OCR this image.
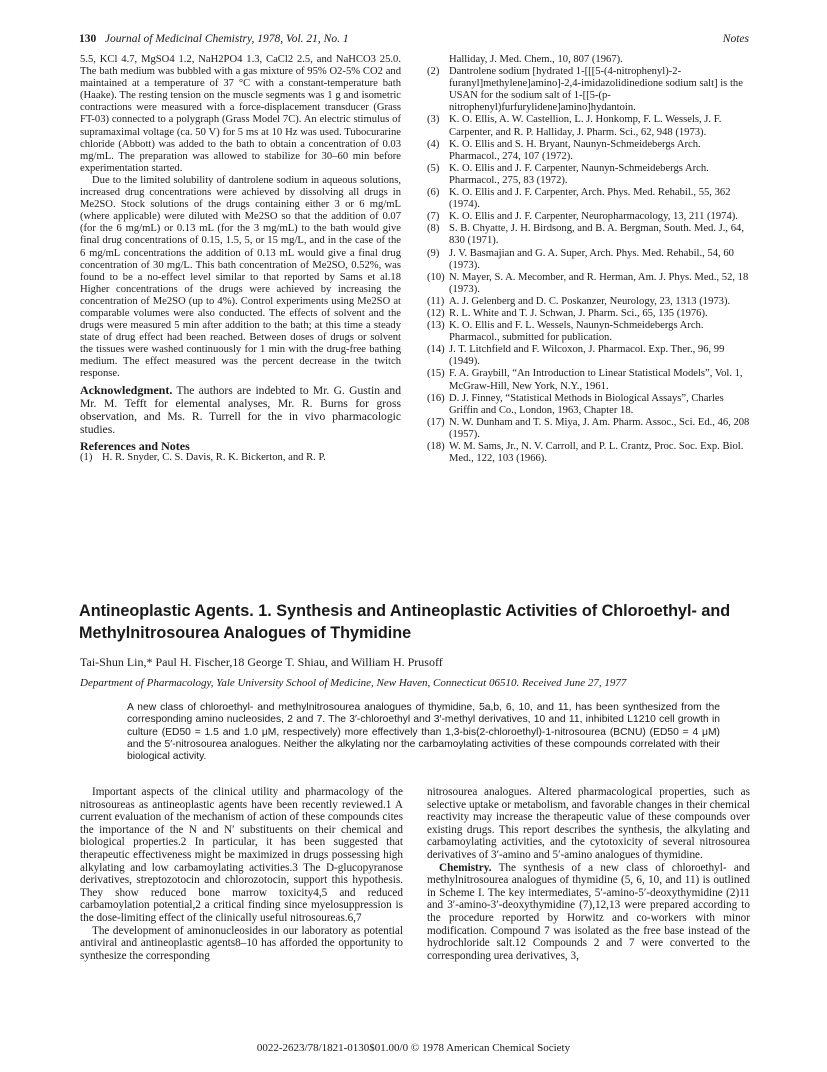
130 Journal of Medicinal Chemistry, 1978, Vol. 21, No. 1	Notes

5.5, KCl 4.7, MgSO4 1.2, NaH2PO4 1.3, CaCl2 2.5, and NaHCO3 25.0. The bath medium was bubbled with a gas mixture of 95% O2-5% CO2 and maintained at a temperature of 37 °C with a constant-temperature bath (Haake). The resting tension on the muscle segments was 1 g and isometric contractions were measured with a force-displacement transducer (Grass FT-03) connected to a polygraph (Grass Model 7C). An electric stimulus of supramaximal voltage (ca. 50 V) for 5 ms at 10 Hz was used. Tubocurarine chloride (Abbott) was added to the bath to obtain a concentration of 0.03 mg/mL. The preparation was allowed to stabilize for 30–60 min before experimentation started.

Due to the limited solubility of dantrolene sodium in aqueous solutions, increased drug concentrations were achieved by dissolving all drugs in Me2SO. Stock solutions of the drugs containing either 3 or 6 mg/mL (where applicable) were diluted with Me2SO so that the addition of 0.07 (for the 6 mg/mL) or 0.13 mL (for the 3 mg/mL) to the bath would give final drug concentrations of 0.15, 1.5, 5, or 15 mg/L, and in the case of the 6 mg/mL concentrations the addition of 0.13 mL would give a final drug concentration of 30 mg/L. This bath concentration of Me2SO, 0.52%, was found to be a no-effect level similar to that reported by Sams et al.18 Higher concentrations of the drugs were achieved by increasing the concentration of Me2SO (up to 4%). Control experiments using Me2SO at comparable volumes were also conducted. The effects of solvent and the drugs were measured 5 min after addition to the bath; at this time a steady state of drug effect had been reached. Between doses of drugs or solvent the tissues were washed continuously for 1 min with the drug-free bathing medium. The effect measured was the percent decrease in the twitch response.

Acknowledgment. The authors are indebted to Mr. G. Gustin and Mr. M. Tefft for elemental analyses, Mr. R. Burns for gross observation, and Ms. R. Turrell for the in vivo pharmacologic studies.
References and Notes
(1) H. R. Snyder, C. S. Davis, R. K. Bickerton, and R. P.
Halliday, J. Med. Chem., 10, 807 (1967).
(2) Dantrolene sodium [hydrated 1-[[[5-(4-nitrophenyl)-2-furanyl]methylene]amino]-2,4-imidazolidinedione sodium salt] is the USAN for the sodium salt of 1-[[5-(p-nitrophenyl)furfurylidene]amino]hydantoin.
(3) K. O. Ellis, A. W. Castellion, L. J. Honkomp, F. L. Wessels, J. F. Carpenter, and R. P. Halliday, J. Pharm. Sci., 62, 948 (1973).
(4) K. O. Ellis and S. H. Bryant, Naunyn-Schmeidebergs Arch. Pharmacol., 274, 107 (1972).
(5) K. O. Ellis and J. F. Carpenter, Naunyn-Schmeidebergs Arch. Pharmacol., 275, 83 (1972).
(6) K. O. Ellis and J. F. Carpenter, Arch. Phys. Med. Rehabil., 55, 362 (1974).
(7) K. O. Ellis and J. F. Carpenter, Neuropharmacology, 13, 211 (1974).
(8) S. B. Chyatte, J. H. Birdsong, and B. A. Bergman, South. Med. J., 64, 830 (1971).
(9) J. V. Basmajian and G. A. Super, Arch. Phys. Med. Rehabil., 54, 60 (1973).
(10) N. Mayer, S. A. Mecomber, and R. Herman, Am. J. Phys. Med., 52, 18 (1973).
(11) A. J. Gelenberg and D. C. Poskanzer, Neurology, 23, 1313 (1973).
(12) R. L. White and T. J. Schwan, J. Pharm. Sci., 65, 135 (1976).
(13) K. O. Ellis and F. L. Wessels, Naunyn-Schmeidebergs Arch. Pharmacol., submitted for publication.
(14) J. T. Litchfield and F. Wilcoxon, J. Pharmacol. Exp. Ther., 96, 99 (1949).
(15) F. A. Graybill, “An Introduction to Linear Statistical Models”, Vol. 1, McGraw-Hill, New York, N.Y., 1961.
(16) D. J. Finney, “Statistical Methods in Biological Assays”, Charles Griffin and Co., London, 1963, Chapter 18.
(17) N. W. Dunham and T. S. Miya, J. Am. Pharm. Assoc., Sci. Ed., 46, 208 (1957).
(18) W. M. Sams, Jr., N. V. Carroll, and P. L. Crantz, Proc. Soc. Exp. Biol. Med., 122, 103 (1966).
Antineoplastic Agents. 1. Synthesis and Antineoplastic Activities of Chloroethyl- and Methylnitrosourea Analogues of Thymidine
Tai-Shun Lin,* Paul H. Fischer,18 George T. Shiau, and William H. Prusoff
Department of Pharmacology, Yale University School of Medicine, New Haven, Connecticut 06510. Received June 27, 1977
A new class of chloroethyl- and methylnitrosourea analogues of thymidine, 5a,b, 6, 10, and 11, has been synthesized from the corresponding amino nucleosides, 2 and 7. The 3′-chloroethyl and 3′-methyl derivatives, 10 and 11, inhibited L1210 cell growth in culture (ED50 = 1.5 and 1.0 μM, respectively) more effectively than 1,3-bis(2-chloroethyl)-1-nitrosourea (BCNU) (ED50 = 4 μM) and the 5′-nitrosourea analogues. Neither the alkylating nor the carbamoylating activities of these compounds correlated with their biological activity.

Important aspects of the clinical utility and pharmacology of the nitrosoureas as antineoplastic agents have been recently reviewed.1 A current evaluation of the mechanism of action of these compounds cites the importance of the N and N′ substituents on their chemical and biological properties.2 In particular, it has been suggested that therapeutic effectiveness might be maximized in drugs possessing high alkylating and low carbamoylating activities.3 The D-glucopyranose derivatives, streptozotocin and chlorozotocin, support this hypothesis. They show reduced bone marrow toxicity4,5 and reduced carbamoylation potential,2 a critical finding since myelosuppression is the dose-limiting effect of the clinically useful nitrosoureas.6,7

The development of aminonucleosides in our laboratory as potential antiviral and antineoplastic agents8–10 has afforded the opportunity to synthesize the corresponding

nitrosourea analogues. Altered pharmacological properties, such as selective uptake or metabolism, and favorable changes in their chemical reactivity may increase the therapeutic value of these compounds over existing drugs. This report describes the synthesis, the alkylating and carbamoylating activities, and the cytotoxicity of several nitrosourea derivatives of 3′-amino and 5′-amino analogues of thymidine.

Chemistry. The synthesis of a new class of chloroethyl- and methylnitrosourea analogues of thymidine (5, 6, 10, and 11) is outlined in Scheme I. The key intermediates, 5′-amino-5′-deoxythymidine (2)11 and 3′-amino-3′-deoxythymidine (7),12,13 were prepared according to the procedure reported by Horwitz and co-workers with minor modification. Compound 7 was isolated as the free base instead of the hydrochloride salt.12 Compounds 2 and 7 were converted to the corresponding urea derivatives, 3,

0022-2623/78/1821-0130$01.00/0 © 1978 American Chemical Society
